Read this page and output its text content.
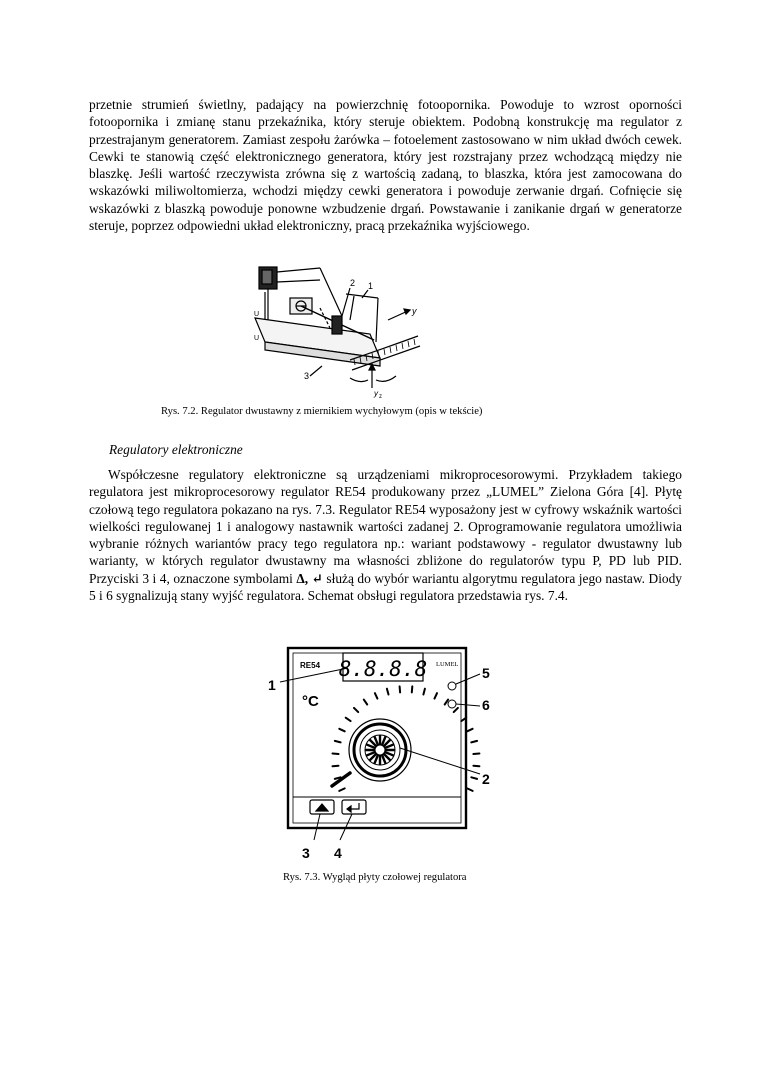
przetnie strumień świetlny, padający na powierzchnię fotoopornika. Powoduje to wzrost oporności fotoopornika i zmianę stanu przekaźnika, który steruje obiektem. Podobną konstrukcję ma regulator z przestrajanym generatorem. Zamiast zespołu żarówka – fotoelement zastosowano w nim układ dwóch cewek. Cewki te stanowią część elektronicznego generatora, który jest rozstrajany przez wchodzącą między nie blaszkę. Jeśli wartość rzeczywista zrówna się z wartością zadaną, to blaszka, która jest zamocowana do wskazówki miliwoltomierza, wchodzi między cewki generatora i powoduje zerwanie drgań. Cofnięcie się wskazówki z blaszką powoduje ponowne wzbudzenie drgań. Powstawanie i zanikanie drgań w generatorze steruje, poprzez odpowiedni układ elektroniczny, pracą przekaźnika wyjściowego.

2 1
3
y
y z
U
U

Rys. 7.2. Regulator dwustawny z miernikiem wychyłowym (opis w tekście)

Regulatory elektroniczne

Współczesne regulatory elektroniczne są urządzeniami mikroprocesorowymi. Przykładem takiego regulatora jest mikroprocesorowy regulator RE54 produkowany przez „LUMEL” Zielona Góra [4]. Płytę czołową tego regulatora pokazano na rys. 7.3. Regulator RE54 wyposażony jest w cyfrowy wskaźnik wartości wielkości regulowanej 1 i analogowy nastawnik wartości zadanej 2. Oprogramowanie regulatora umożliwia wybranie różnych wariantów pracy tego regulatora np.: wariant podstawowy - regulator dwustawny lub warianty, w których regulator dwustawny ma własności zbliżone do regulatorów typu P, PD lub PID. Przyciski 3 i 4, oznaczone symbolami Δ, ↵ służą do wybór wariantu algorytmu regulatora jego nastaw. Diody 5 i 6 sygnalizują stany wyjść regulatora. Schemat obsługi regulatora przedstawia rys. 7.4.

RE54 8.8.8.8 LUMEL
°C
1
5
6
2
3 4

Rys. 7.3. Wygląd płyty czołowej regulatora
